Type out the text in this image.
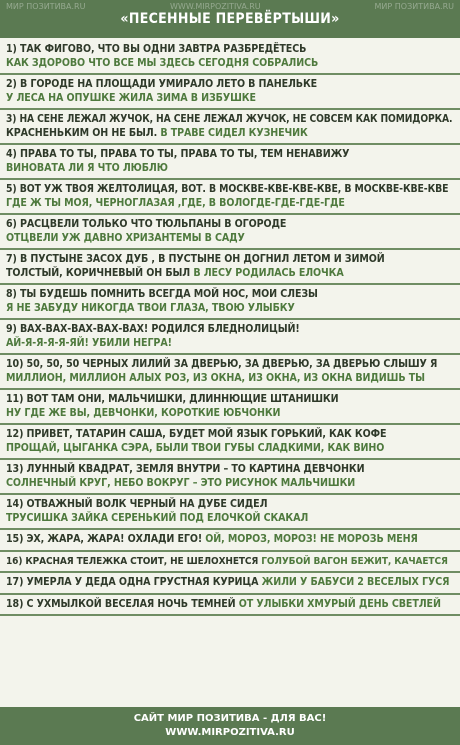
МИР ПОЗИТИВА.RU	WWW.MIRPOZITIVA.RU	МИР ПОЗИТИВА.RU
«ПЕСЕННЫЕ ПЕРЕВЁРТЫШИ»
1) ТАК ФИГОВО, ЧТО ВЫ ОДНИ ЗАВТРА РАЗБРЕДЁТЕСЬ
КАК ЗДОРОВО ЧТО ВСЕ МЫ ЗДЕСЬ СЕГОДНЯ СОБРАЛИСЬ
2) В ГОРОДЕ НА ПЛОЩАДИ УМИРАЛО ЛЕТО В ПАНЕЛЬКЕ
У ЛЕСА НА ОПУШКЕ ЖИЛА ЗИМА В ИЗБУШКЕ
3) НА СЕНЕ ЛЕЖАЛ ЖУЧОК, НА СЕНЕ ЛЕЖАЛ ЖУЧОК, НЕ СОВСЕМ КАК ПОМИДОРКА.
КРАСНЕНЬКИМ ОН НЕ БЫЛ. В ТРАВЕ СИДЕЛ КУЗНЕЧИК
4) ПРАВА ТО ТЫ, ПРАВА ТО ТЫ, ПРАВА ТО ТЫ, ТЕМ НЕНАВИЖУ
ВИНОВАТА ЛИ Я ЧТО ЛЮБЛЮ
5) ВОТ УЖ ТВОЯ ЖЕЛТОЛИЦАЯ, ВОТ. В МОСКВЕ-КВЕ-КВЕ-КВЕ, В МОСКВЕ-КВЕ-КВЕ
ГДЕ Ж ТЫ МОЯ, ЧЕРНОГЛАЗАЯ ,ГДЕ, В ВОЛОГДЕ-ГДЕ-ГДЕ-ГДЕ
6) РАСЦВЕЛИ ТОЛЬКО ЧТО ТЮЛЬПАНЫ В ОГОРОДЕ
ОТЦВЕЛИ УЖ ДАВНО ХРИЗАНТЕМЫ В САДУ
7) В ПУСТЫНЕ ЗАСОХ ДУБ , В ПУСТЫНЕ ОН ДОГНИЛ ЛЕТОМ И ЗИМОЙ
ТОЛСТЫЙ, КОРИЧНЕВЫЙ ОН БЫЛ В ЛЕСУ РОДИЛАСЬ ЕЛОЧКА
8) ТЫ БУДЕШЬ ПОМНИТЬ ВСЕГДА МОЙ НОС, МОИ СЛЕЗЫ
Я НЕ ЗАБУДУ НИКОГДА ТВОИ ГЛАЗА, ТВОЮ УЛЫБКУ
9) ВАХ-ВАХ-ВАХ-ВАХ-ВАХ! РОДИЛСЯ БЛЕДНОЛИЦЫЙ!
АЙ-Я-Я-Я-Я-ЯЙ! УБИЛИ НЕГРА!
10) 50, 50, 50 ЧЕРНЫХ ЛИЛИЙ ЗА ДВЕРЬЮ, ЗА ДВЕРЬЮ, ЗА ДВЕРЬЮ СЛЫШУ Я
МИЛЛИОН, МИЛЛИОН АЛЫХ РОЗ, ИЗ ОКНА, ИЗ ОКНА, ИЗ ОКНА ВИДИШЬ ТЫ
11) ВОТ ТАМ ОНИ, МАЛЬЧИШКИ, ДЛИННЮЩИЕ ШТАНИШКИ
НУ ГДЕ ЖЕ ВЫ, ДЕВЧОНКИ, КОРОТКИЕ ЮБЧОНКИ
12) ПРИВЕТ, ТАТАРИН САША, БУДЕТ МОЙ ЯЗЫК ГОРЬКИЙ, КАК КОФЕ
ПРОЩАЙ, ЦЫГАНКА СЭРА, БЫЛИ ТВОИ ГУБЫ СЛАДКИМИ, КАК ВИНО
13) ЛУННЫЙ КВАДРАТ, ЗЕМЛЯ ВНУТРИ – ТО КАРТИНА ДЕВЧОНКИ
СОЛНЕЧНЫЙ КРУГ, НЕБО ВОКРУГ – ЭТО РИСУНОК МАЛЬЧИШКИ
14) ОТВАЖНЫЙ ВОЛК ЧЕРНЫЙ НА ДУБЕ СИДЕЛ
ТРУСИШКА ЗАЙКА СЕРЕНЬКИЙ ПОД ЕЛОЧКОЙ СКАКАЛ
15) ЭХ, ЖАРА, ЖАРА! ОХЛАДИ ЕГО! ОЙ, МОРОЗ, МОРОЗ! НЕ МОРОЗЬ МЕНЯ
16) КРАСНАЯ ТЕЛЕЖКА СТОИТ, НЕ ШЕЛОХНЕТСЯ ГОЛУБОЙ ВАГОН БЕЖИТ, КАЧАЕТСЯ
17) УМЕРЛА У ДЕДА ОДНА ГРУСТНАЯ КУРИЦА ЖИЛИ У БАБУСИ 2 ВЕСЕЛЫХ ГУСЯ
18) С УХМЫЛКОЙ ВЕСЕЛАЯ НОЧЬ ТЕМНЕЙ ОТ УЛЫБКИ ХМУРЫЙ ДЕНЬ СВЕТЛЕЙ
САЙТ МИР ПОЗИТИВА - ДЛЯ ВАС!
WWW.MIRPOZITIVA.RU
